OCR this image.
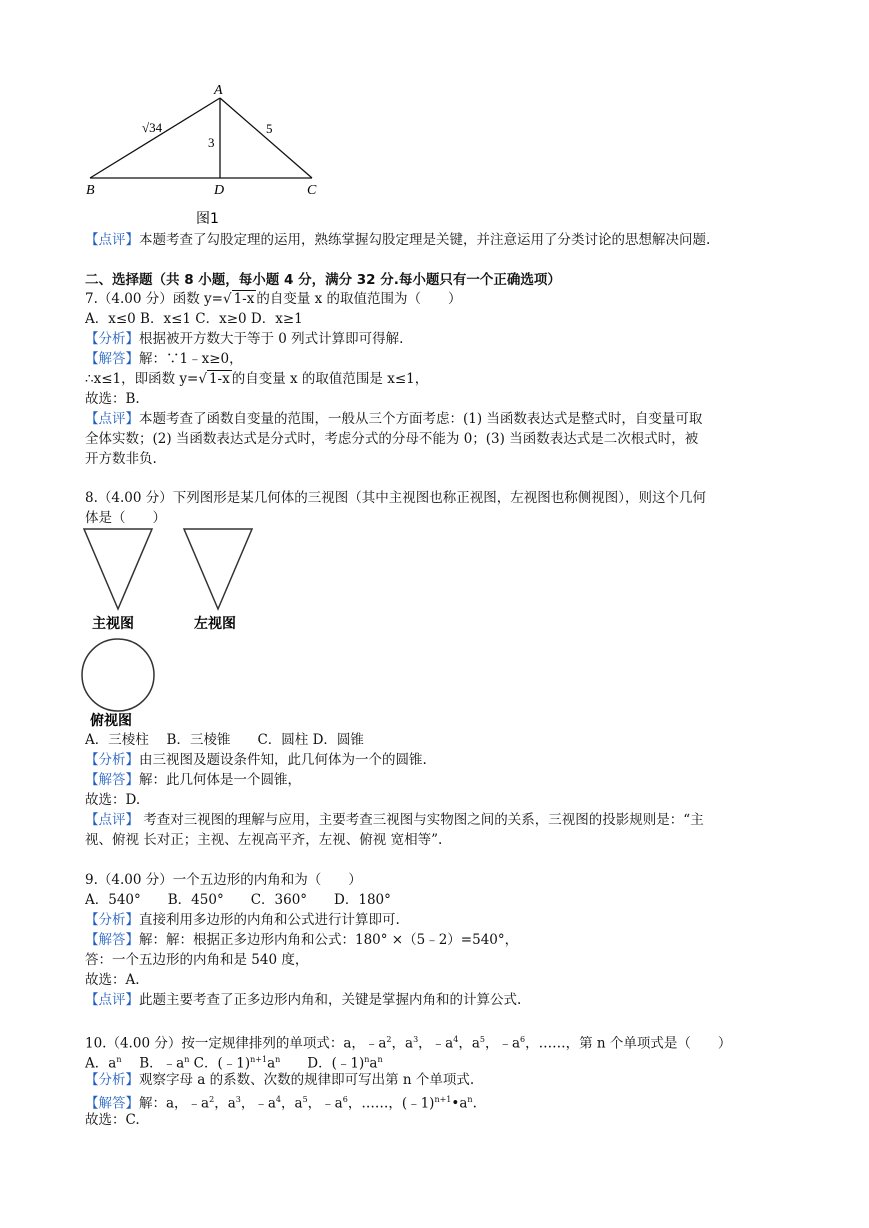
A
B	D	C
√34
3
5
图1
【点评】本题考查了勾股定理的运用，熟练掌握勾股定理是关键，并注意运用了分类讨论的思想解决问题.
二、选择题（共 8 小题，每小题 4 分，满分 32 分.每小题只有一个正确选项）
7.（4.00 分）函数 y=√ 1-x 的自变量 x 的取值范围为（　　）
A．x≤0 B．x≤1 C．x≥0 D．x≥1
【分析】根据被开方数大于等于 0 列式计算即可得解.
【解答】解：∵1﹣x≥0，
∴x≤1，即函数 y=√ 1-x 的自变量 x 的取值范围是 x≤1，
故选：B.
【点评】本题考查了函数自变量的范围，一般从三个方面考虑：(1) 当函数表达式是整式时，自变量可取
全体实数；(2) 当函数表达式是分式时，考虑分式的分母不能为 0；(3) 当函数表达式是二次根式时，被
开方数非负.
8.（4.00 分）下列图形是某几何体的三视图（其中主视图也称正视图，左视图也称侧视图），则这个几何
体是（　　）
主视图	左视图
俯视图
A．三棱柱　 B．三棱锥　　C．圆柱 D．圆锥
【分析】由三视图及题设条件知，此几何体为一个的圆锥.
【解答】解：此几何体是一个圆锥，
故选：D.
【点评】 考查对三视图的理解与应用，主要考查三视图与实物图之间的关系，三视图的投影规则是：“主
视、俯视 长对正；主视、左视高平齐，左视、俯视 宽相等”.
9.（4.00 分）一个五边形的内角和为（　　）
A．540°　　B．450°　　C．360°　　D．180°
【分析】直接利用多边形的内角和公式进行计算即可.
【解答】解：解：根据正多边形内角和公式：180° ×（5﹣2）=540°，
答：一个五边形的内角和是 540 度，
故选：A.
【点评】此题主要考查了正多边形内角和，关键是掌握内角和的计算公式.
10.（4.00 分）按一定规律排列的单项式：a，$﹣a^2$，$a^3$，$﹣a^4$，$a^5$，$﹣a^6$，……，第 n 个单项式是（　　）
A．$a^n$　 B．$﹣a^n$ C．$(﹣1)^{n+1}a^n$　　D．$(﹣1)^na^n$
【分析】观察字母 a 的系数、次数的规律即可写出第 n 个单项式.
【解答】解：a，$﹣a^2$，$a^3$，$﹣a^4$，$a^5$，$﹣a^6$，……，$(﹣1)^{n+1}•a^n$.
故选：C.
